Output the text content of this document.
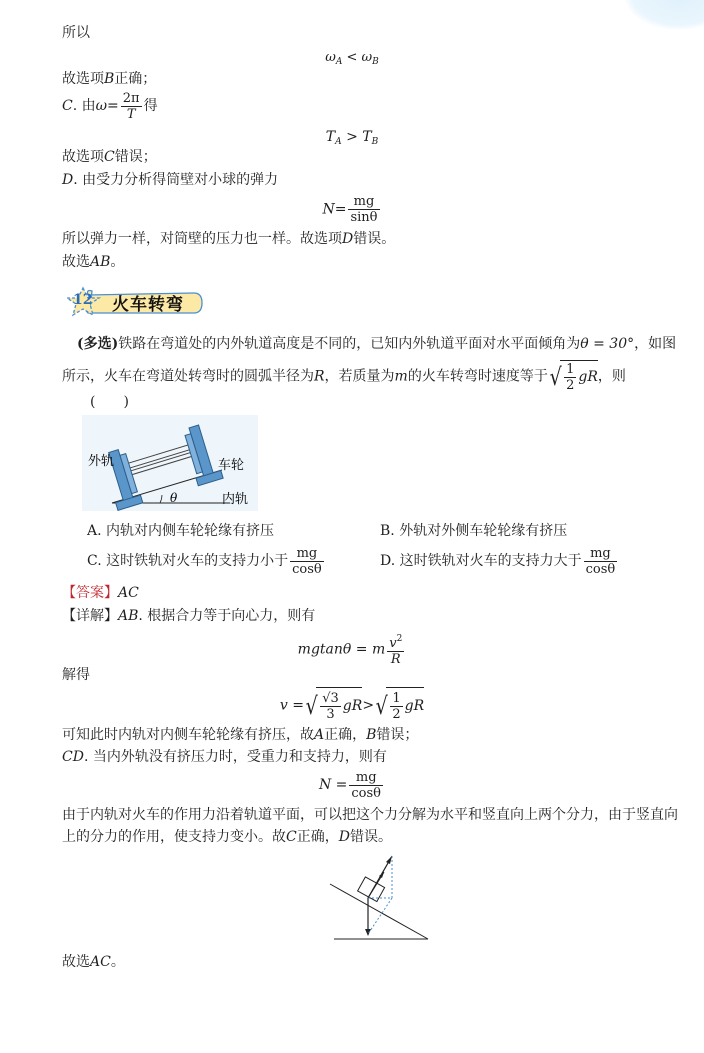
所以
$\omega_A < \omega_B$
故选项B正确；
C. 由$\omega= \frac{2\pi}{T}$ 得
$T_A > T_B$
故选项C错误；
D. 由受力分析得筒壁对小球的弹力
$N= \frac{mg}{\sin\theta}$
所以弹力一样，对筒壁的压力也一样。故选项D错误。
故选AB。
12 火车转弯
(多选)铁路在弯道处的内外轨道高度是不同的，已知内外轨道平面对水平面倾角为θ = 30°，如图
所示，火车在弯道处转弯时的圆弧半径为R，若质量为m的火车转弯时速度等于√ $\frac{1}{2}$ gR，则
(　　)
外轨	车轮
内轨
θ
A. 内轨对内侧车轮轮缘有挤压	B. 外轨对外侧车轮轮缘有挤压
C. 这时铁轨对火车的支持力小于 $\frac{mg}{\cos\theta}$	D. 这时铁轨对火车的支持力大于 $\frac{mg}{\cos\theta}$
【答案】AC
【详解】AB. 根据合力等于向心力，则有
mgtanθ = m $\frac{v^2}{R}$
解得
v =√ $\frac{√3}{3} gR>√ \frac{1}{2}$ gR
可知此时内轨对内侧车轮轮缘有挤压，故A正确，B错误；
CD. 当内外轨没有挤压力时，受重力和支持力，则有
$N = \frac{mg}{\cos\theta}$
由于内轨对火车的作用力沿着轨道平面，可以把这个力分解为水平和竖直向上两个分力，由于竖直向
上的分力的作用，使支持力变小。故C正确，D错误。
故选AC。
